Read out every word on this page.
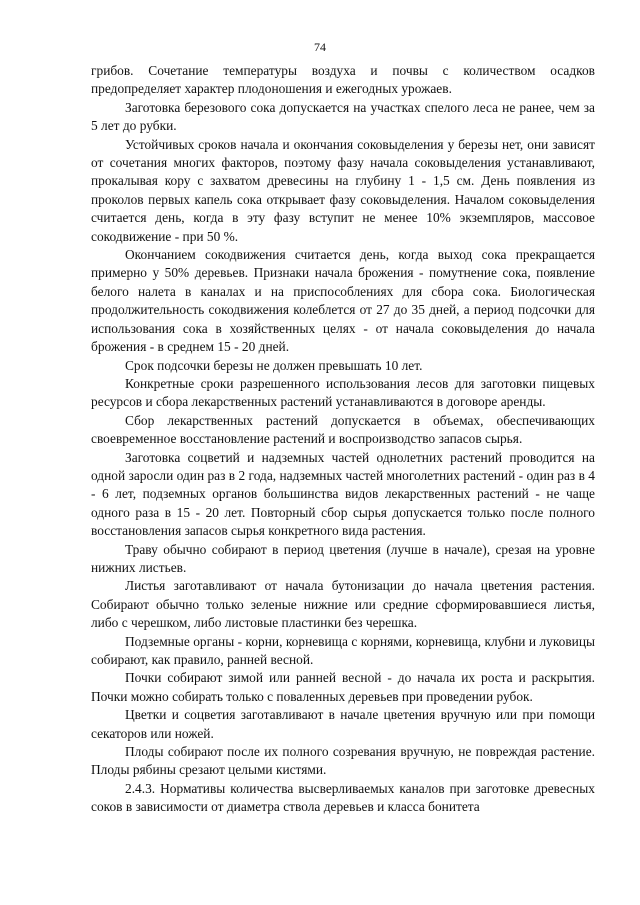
74

грибов. Сочетание температуры воздуха и почвы с количеством осадков предопределяет характер плодоношения и ежегодных урожаев.

Заготовка березового сока допускается на участках спелого леса не ранее, чем за 5 лет до рубки.

Устойчивых сроков начала и окончания соковыделения у березы нет, они зависят от сочетания многих факторов, поэтому фазу начала соковыделения устанавливают, прокалывая кору с захватом древесины на глубину 1 - 1,5 см. День появления из проколов первых капель сока открывает фазу соковыделения. Началом соковыделения считается день, когда в эту фазу вступит не менее 10% экземпляров, массовое сокодвижение - при 50 %.

Окончанием сокодвижения считается день, когда выход сока прекращается примерно у 50% деревьев. Признаки начала брожения - помутнение сока, появление белого налета в каналах и на приспособлениях для сбора сока. Биологическая продолжительность сокодвижения колеблется от 27 до 35 дней, а период подсочки для использования сока в хозяйственных целях - от начала соковыделения до начала брожения - в среднем 15 - 20 дней.

Срок подсочки березы не должен превышать 10 лет.

Конкретные сроки разрешенного использования лесов для заготовки пищевых ресурсов и сбора лекарственных растений устанавливаются в договоре аренды.

Сбор лекарственных растений допускается в объемах, обеспечивающих своевременное восстановление растений и воспроизводство запасов сырья.

Заготовка соцветий и надземных частей однолетних растений проводится на одной заросли один раз в 2 года, надземных частей многолетних растений - один раз в 4 - 6 лет, подземных органов большинства видов лекарственных растений - не чаще одного раза в 15 - 20 лет. Повторный сбор сырья допускается только после полного восстановления запасов сырья конкретного вида растения.

Траву обычно собирают в период цветения (лучше в начале), срезая на уровне нижних листьев.

Листья заготавливают от начала бутонизации до начала цветения растения. Собирают обычно только зеленые нижние или средние сформировавшиеся листья, либо с черешком, либо листовые пластинки без черешка.

Подземные органы - корни, корневища с корнями, корневища, клубни и луковицы собирают, как правило, ранней весной.

Почки собирают зимой или ранней весной - до начала их роста и раскрытия. Почки можно собирать только с поваленных деревьев при проведении рубок.

Цветки и соцветия заготавливают в начале цветения вручную или при помощи секаторов или ножей.

Плоды собирают после их полного созревания вручную, не повреждая растение. Плоды рябины срезают целыми кистями.

2.4.3. Нормативы количества высверливаемых каналов при заготовке древесных соков в зависимости от диаметра ствола деревьев и класса бонитета
